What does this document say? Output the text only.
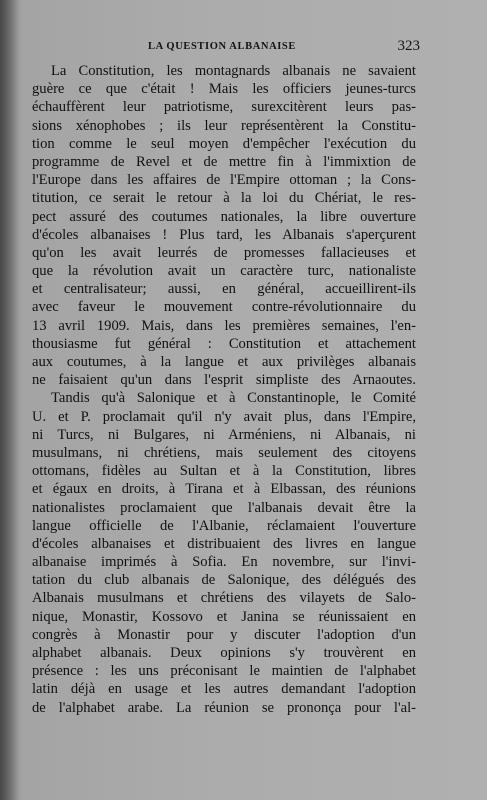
LA QUESTION ALBANAISE	323
La Constitution, les montagnards albanais ne savaient
guère ce que c'était ! Mais les officiers jeunes-turcs
échauffèrent leur patriotisme, surexcitèrent leurs pas-
sions xénophobes ; ils leur représentèrent la Constitu-
tion comme le seul moyen d'empêcher l'exécution du
programme de Revel et de mettre fin à l'immixtion de
l'Europe dans les affaires de l'Empire ottoman ; la Cons-
titution, ce serait le retour à la loi du Chériat, le res-
pect assuré des coutumes nationales, la libre ouverture
d'écoles albanaises ! Plus tard, les Albanais s'aperçurent
qu'on les avait leurrés de promesses fallacieuses et
que la révolution avait un caractère turc, nationaliste
et centralisateur; aussi, en général, accueillirent-ils
avec faveur le mouvement contre-révolutionnaire du
13 avril 1909. Mais, dans les premières semaines, l'en-
thousiasme fut général : Constitution et attachement
aux coutumes, à la langue et aux privilèges albanais
ne faisaient qu'un dans l'esprit simpliste des Arnaoutes.
Tandis qu'à Salonique et à Constantinople, le Comité
U. et P. proclamait qu'il n'y avait plus, dans l'Empire,
ni Turcs, ni Bulgares, ni Arméniens, ni Albanais, ni
musulmans, ni chrétiens, mais seulement des citoyens
ottomans, fidèles au Sultan et à la Constitution, libres
et égaux en droits, à Tirana et à Elbassan, des réunions
nationalistes proclamaient que l'albanais devait être la
langue officielle de l'Albanie, réclamaient l'ouverture
d'écoles albanaises et distribuaient des livres en langue
albanaise imprimés à Sofia. En novembre, sur l'invi-
tation du club albanais de Salonique, des délégués des
Albanais musulmans et chrétiens des vilayets de Salo-
nique, Monastir, Kossovo et Janina se réunissaient en
congrès à Monastir pour y discuter l'adoption d'un
alphabet albanais. Deux opinions s'y trouvèrent en
présence : les uns préconisant le maintien de l'alphabet
latin déjà en usage et les autres demandant l'adoption
de l'alphabet arabe. La réunion se prononça pour l'al-
